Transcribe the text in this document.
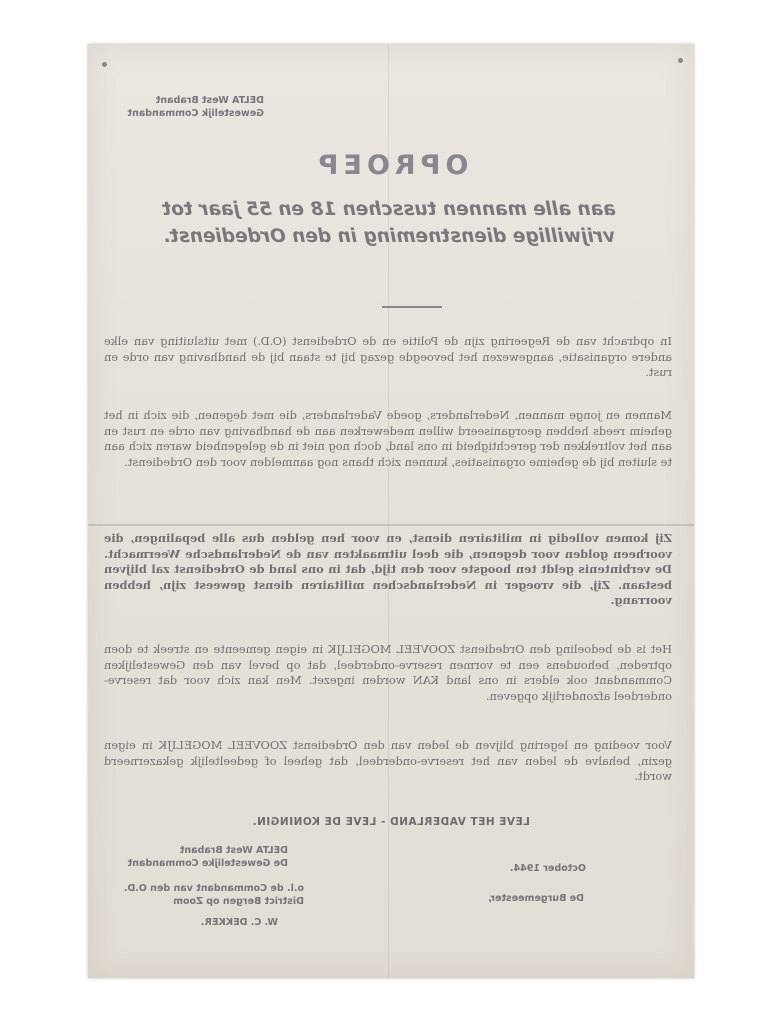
DELTA West Brabant
Gewestelijk Commandant
OPROEP
aan alle mannen tusschen 18 en 55 jaar tot vrijwillige dienstneming in den Ordedienst.
In opdracht van de Regeering zijn de Politie en de Ordedienst (O.D.) met uitsluiting van elke andere organisatie, aangewezen het bevoegde gezag bij te staan bij de handhaving van orde en rust.
Mannen en jonge mannen, Nederlanders, goede Vaderlanders, die met degenen, die zich in het geheim reeds hebben georganiseerd willen medewerken aan de handhaving van orde en rust en aan het voltrekken der gerechtigheid in ons land, doch nog niet in de gelegenheid waren zich aan te sluiten bij de geheime organisaties, kunnen zich thans nog aanmelden voor den Ordedienst.
Zij komen volledig in militairen dienst, en voor hen gelden dus alle bepalingen, die voorheen golden voor degenen, die deel uitmaakten van de Nederlandsche Weermacht. De verbintenis geldt ten hoogste voor den tijd, dat in ons land de Ordedienst zal blijven bestaan. Zij, die vroeger in Nederlandschen militairen dienst geweest zijn, hebben voorrang.
Het is de bedoeling den Ordedienst ZOOVEEL MOGELIJK in eigen gemeente en streek te doen optreden, behoudens een te vormen reserve-onderdeel, dat op bevel van den Gewestelijken Commandant ook elders in ons land KAN worden ingezet. Men kan zich voor dat reserve-onderdeel afzonderlijk opgeven.
Voor voeding en legering blijven de leden van den Ordedienst ZOOVEEL MOGELIJK in eigen gezin, behalve de leden van het reserve-onderdeel, dat geheel of gedeeltelijk gekazerneerd wordt.
LEVE HET VADERLAND - LEVE DE KONINGIN.
DELTA West Brabant
De Gewestelijke Commandant	October 1944.
De Burgemeester,
o.l. de Commandant van den O.D.
District Bergen op Zoom
W. C. DEKKER.
